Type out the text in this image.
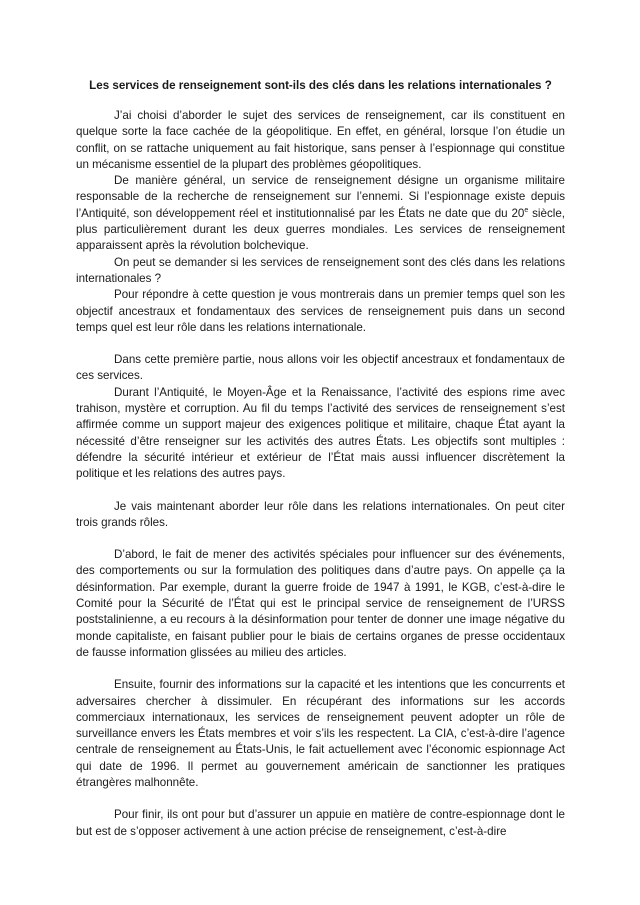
Les services de renseignement sont-ils des clés dans les relations internationales ?

J’ai choisi d’aborder le sujet des services de renseignement, car ils constituent en quelque sorte la face cachée de la géopolitique. En effet, en général, lorsque l’on étudie un conflit, on se rattache uniquement au fait historique, sans penser à l’espionnage qui constitue un mécanisme essentiel de la plupart des problèmes géopolitiques.

De manière général, un service de renseignement désigne un organisme militaire responsable de la recherche de renseignement sur l’ennemi. Si l’espionnage existe depuis l’Antiquité, son développement réel et institutionnalisé par les États ne date que du 20e siècle, plus particulièrement durant les deux guerres mondiales. Les services de renseignement apparaissent après la révolution bolchevique.

On peut se demander si les services de renseignement sont des clés dans les relations internationales ?

Pour répondre à cette question je vous montrerais dans un premier temps quel son les objectif ancestraux et fondamentaux des services de renseignement puis dans un second temps quel est leur rôle dans les relations internationale.

Dans cette première partie, nous allons voir les objectif ancestraux et fondamentaux de ces services.

Durant l’Antiquité, le Moyen-Âge et la Renaissance, l’activité des espions rime avec trahison, mystère et corruption. Au fil du temps l’activité des services de renseignement s’est affirmée comme un support majeur des exigences politique et militaire, chaque État ayant la nécessité d’être renseigner sur les activités des autres États. Les objectifs sont multiples : défendre la sécurité intérieur et extérieur de l’État mais aussi influencer discrètement la politique et les relations des autres pays.

Je vais maintenant aborder leur rôle dans les relations internationales. On peut citer trois grands rôles.

D’abord, le fait de mener des activités spéciales pour influencer sur des événements, des comportements ou sur la formulation des politiques dans d’autre pays. On appelle ça la désinformation. Par exemple, durant la guerre froide de 1947 à 1991, le KGB, c’est-à-dire le Comité pour la Sécurité de l’État qui est le principal service de renseignement de l’URSS poststalinienne, a eu recours à la désinformation pour tenter de donner une image négative du monde capitaliste, en faisant publier pour le biais de certains organes de presse occidentaux de fausse information glissées au milieu des articles.

Ensuite, fournir des informations sur la capacité et les intentions que les concurrents et adversaires chercher à dissimuler. En récupérant des informations sur les accords commerciaux internationaux, les services de renseignement peuvent adopter un rôle de surveillance envers les États membres et voir s’ils les respectent. La CIA, c’est-à-dire l’agence centrale de renseignement au États-Unis, le fait actuellement avec l’économic espionnage Act qui date de 1996. Il permet au gouvernement américain de sanctionner les pratiques étrangères malhonnête.

Pour finir, ils ont pour but d’assurer un appuie en matière de contre-espionnage dont le but est de s’opposer activement à une action précise de renseignement, c’est-à-dire
